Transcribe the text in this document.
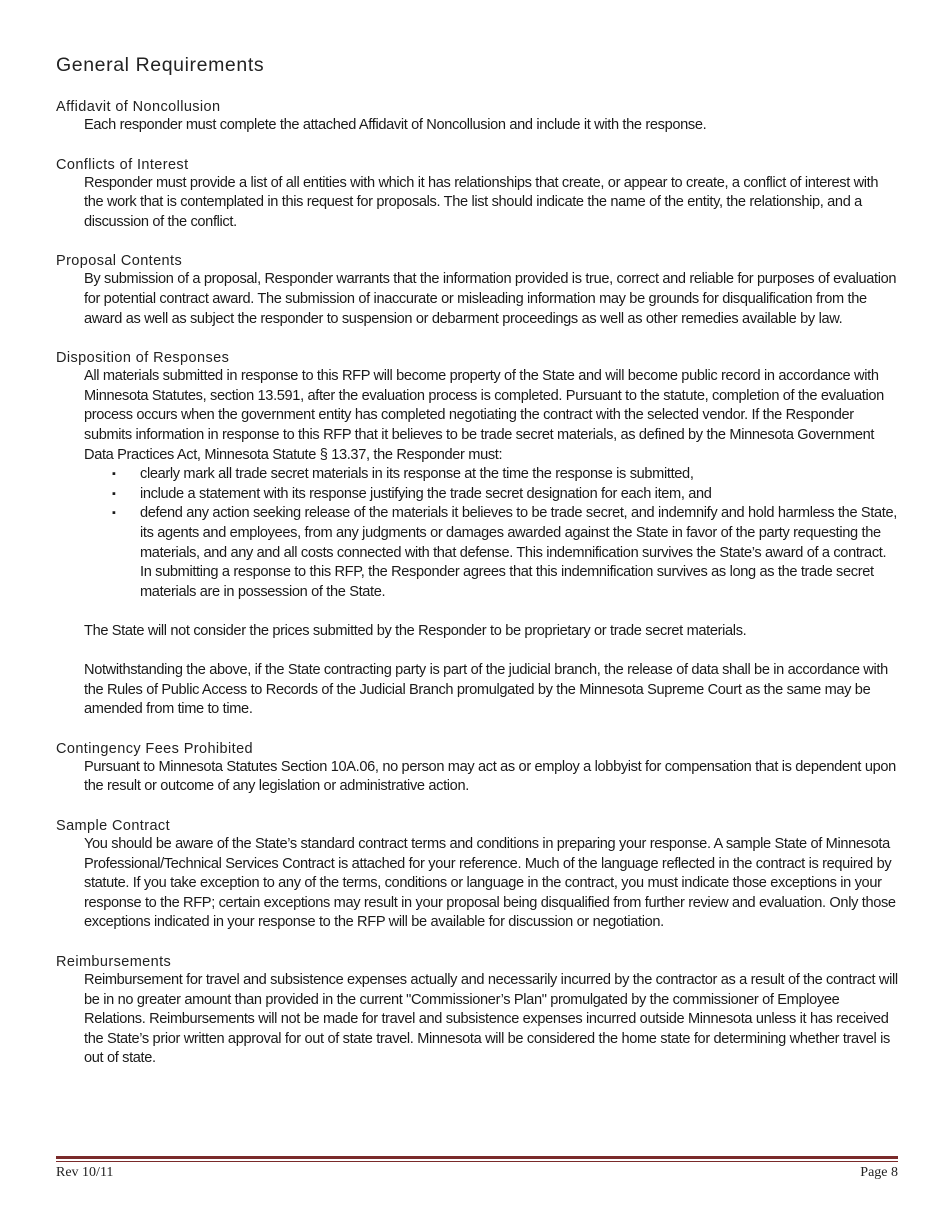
General Requirements
Affidavit of Noncollusion

Each responder must complete the attached Affidavit of Noncollusion and include it with the response.

Conflicts of Interest

Responder must provide a list of all entities with which it has relationships that create, or appear to create, a conflict of interest with the work that is contemplated in this request for proposals. The list should indicate the name of the entity, the relationship, and a discussion of the conflict.

Proposal Contents

By submission of a proposal, Responder warrants that the information provided is true, correct and reliable for purposes of evaluation for potential contract award. The submission of inaccurate or misleading information may be grounds for disqualification from the award as well as subject the responder to suspension or debarment proceedings as well as other remedies available by law.

Disposition of Responses

All materials submitted in response to this RFP will become property of the State and will become public record in accordance with Minnesota Statutes, section 13.591, after the evaluation process is completed. Pursuant to the statute, completion of the evaluation process occurs when the government entity has completed negotiating the contract with the selected vendor. If the Responder submits information in response to this RFP that it believes to be trade secret materials, as defined by the Minnesota Government Data Practices Act, Minnesota Statute § 13.37, the Responder must:

▪ clearly mark all trade secret materials in its response at the time the response is submitted,
▪ include a statement with its response justifying the trade secret designation for each item, and
▪ defend any action seeking release of the materials it believes to be trade secret, and indemnify and hold harmless the State, its agents and employees, from any judgments or damages awarded against the State in favor of the party requesting the materials, and any and all costs connected with that defense. This indemnification survives the State’s award of a contract. In submitting a response to this RFP, the Responder agrees that this indemnification survives as long as the trade secret materials are in possession of the State.

The State will not consider the prices submitted by the Responder to be proprietary or trade secret materials.

Notwithstanding the above, if the State contracting party is part of the judicial branch, the release of data shall be in accordance with the Rules of Public Access to Records of the Judicial Branch promulgated by the Minnesota Supreme Court as the same may be amended from time to time.

Contingency Fees Prohibited

Pursuant to Minnesota Statutes Section 10A.06, no person may act as or employ a lobbyist for compensation that is dependent upon the result or outcome of any legislation or administrative action.

Sample Contract

You should be aware of the State’s standard contract terms and conditions in preparing your response. A sample State of Minnesota Professional/Technical Services Contract is attached for your reference. Much of the language reflected in the contract is required by statute. If you take exception to any of the terms, conditions or language in the contract, you must indicate those exceptions in your response to the RFP; certain exceptions may result in your proposal being disqualified from further review and evaluation. Only those exceptions indicated in your response to the RFP will be available for discussion or negotiation.

Reimbursements

Reimbursement for travel and subsistence expenses actually and necessarily incurred by the contractor as a result of the contract will be in no greater amount than provided in the current "Commissioner’s Plan" promulgated by the commissioner of Employee Relations. Reimbursements will not be made for travel and subsistence expenses incurred outside Minnesota unless it has received the State’s prior written approval for out of state travel. Minnesota will be considered the home state for determining whether travel is out of state.

Rev 10/11	Page 8
